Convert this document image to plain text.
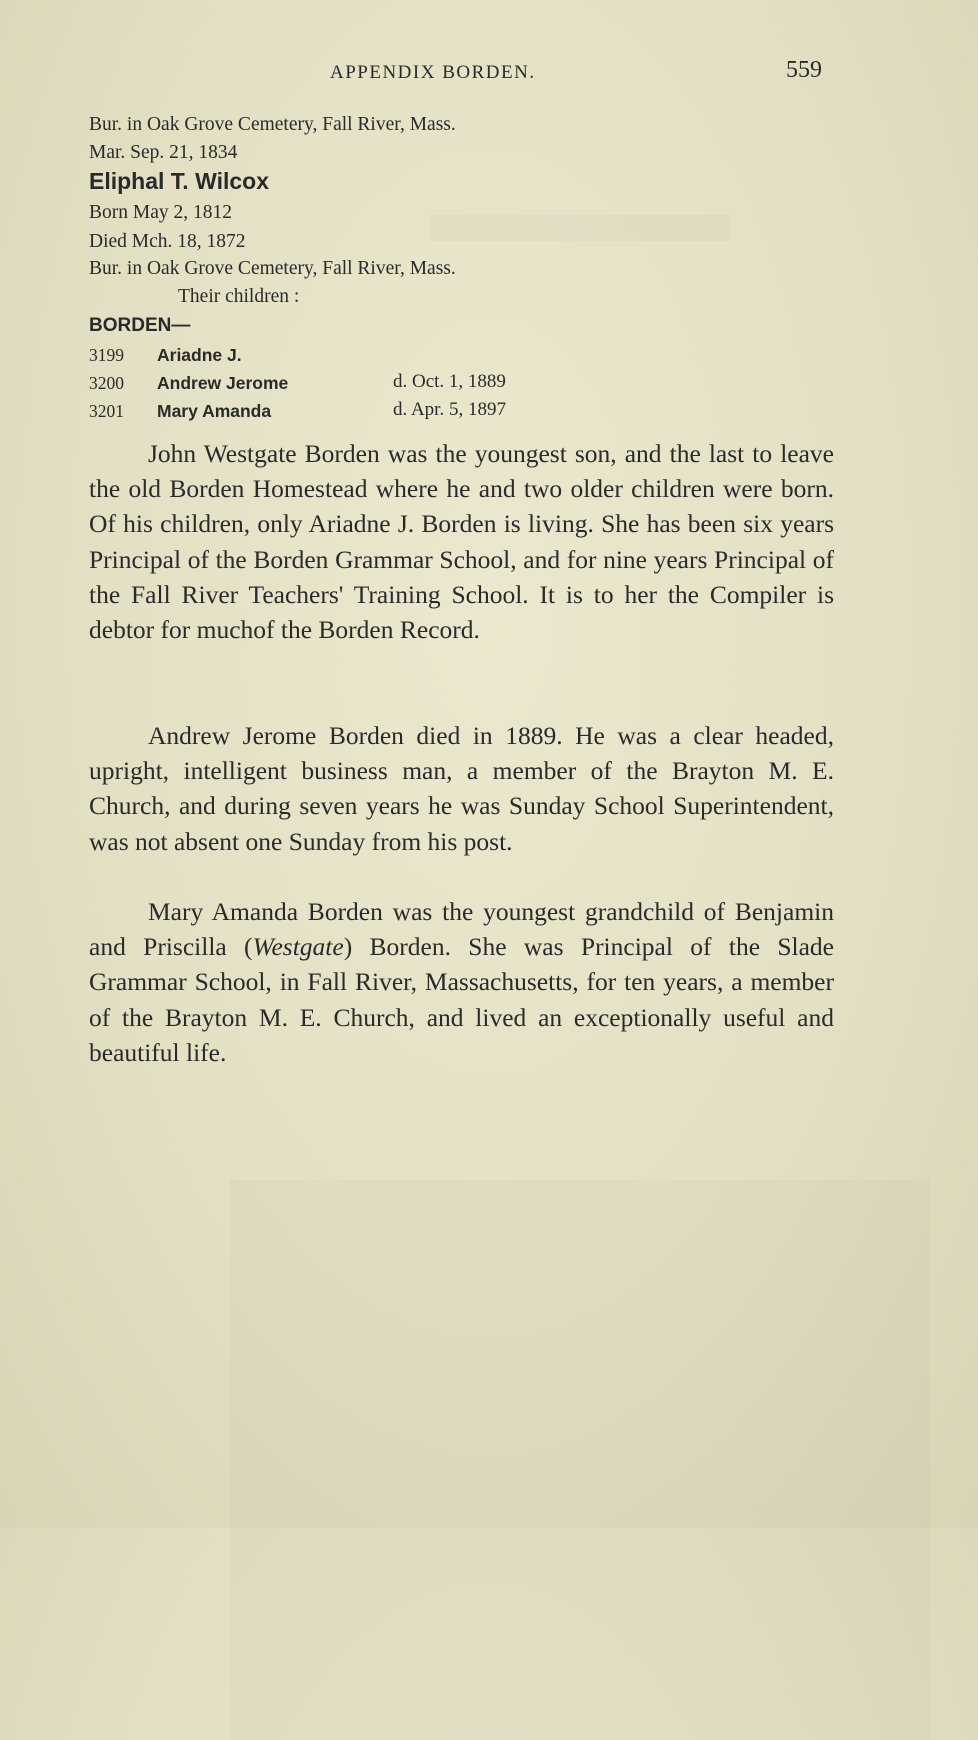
APPENDIX BORDEN.	559
Bur. in Oak Grove Cemetery, Fall River, Mass.
Mar. Sep. 21, 1834
Eliphal T. Wilcox
Born May 2, 1812
Died Mch. 18, 1872
Bur. in Oak Grove Cemetery, Fall River, Mass.
Their children :
BORDEN—
3199 Ariadne J.
3200 Andrew Jerome	d. Oct. 1, 1889
3201 Mary Amanda	d. Apr. 5, 1897

John Westgate Borden was the youngest son, and the last to leave the old Borden Homestead where he and two older children were born. Of his children, only Ariadne J. Borden is living. She has been six years Principal of the Borden Grammar School, and for nine years Principal of the Fall River Teachers' Training School. It is to her the Compiler is debtor for muchof the Borden Record.

Andrew Jerome Borden died in 1889. He was a clear headed, upright, intelligent business man, a member of the Brayton M. E. Church, and during seven years he was Sunday School Superintendent, was not absent one Sunday from his post.

Mary Amanda Borden was the youngest grandchild of Benjamin and Priscilla (Westgate) Borden. She was Principal of the Slade Grammar School, in Fall River, Massachusetts, for ten years, a member of the Brayton M. E. Church, and lived an exceptionally useful and beautiful life.
